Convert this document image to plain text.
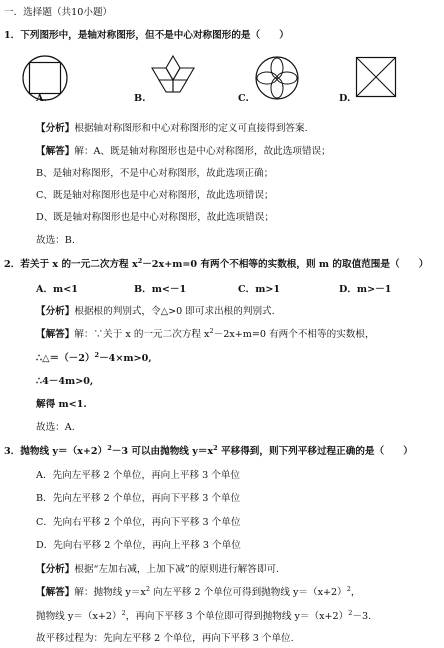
一．选择题（共10小题）
1．下列图形中，是轴对称图形，但不是中心对称图形的是（　　）
A.	B.	C.	D.
【分析】根据轴对称图形和中心对称图形的定义可直接得到答案.
【解答】解：A、既是轴对称图形也是中心对称图形，故此选项错误；
B、是轴对称图形，不是中心对称图形，故此选项正确；
C、既是轴对称图形也是中心对称图形，故此选项错误；
D、既是轴对称图形也是中心对称图形，故此选项错误；
故选：B.
2．若关于 x 的一元二次方程 $x^2-2x+m=0$ 有两个不相等的实数根，则 m 的取值范围是（　　）
A．m<1	B．m<－1	C．m>1	D．m>－1
【分析】根据根的判别式，令△>0 即可求出根的判别式.
【解答】解：∵关于 x 的一元二次方程 $x^2-2x+m=0$ 有两个不相等的实数根，
$\therefore\triangle=(-2)^2-4\times m>0$,
∴4－4m>0,
解得 m<1.
故选：A.
3．抛物线 $y=(x+2)^2-3$ 可以由抛物线 $y=x^2$ 平移得到，则下列平移过程正确的是（　　）
A．先向左平移 2 个单位，再向上平移 3 个单位
B．先向左平移 2 个单位，再向下平移 3 个单位
C．先向右平移 2 个单位，再向下平移 3 个单位
D．先向右平移 2 个单位，再向上平移 3 个单位
【分析】根据“左加右减，上加下减”的原则进行解答即可.
【解答】解：抛物线 $y=x^2$ 向左平移 2 个单位可得到抛物线 $y=(x+2)^2$，
抛物线 $y=(x+2)^2$，再向下平移 3 个单位即可得到抛物线 $y=(x+2)^2-3$.
故平移过程为：先向左平移 2 个单位，再向下平移 3 个单位.
